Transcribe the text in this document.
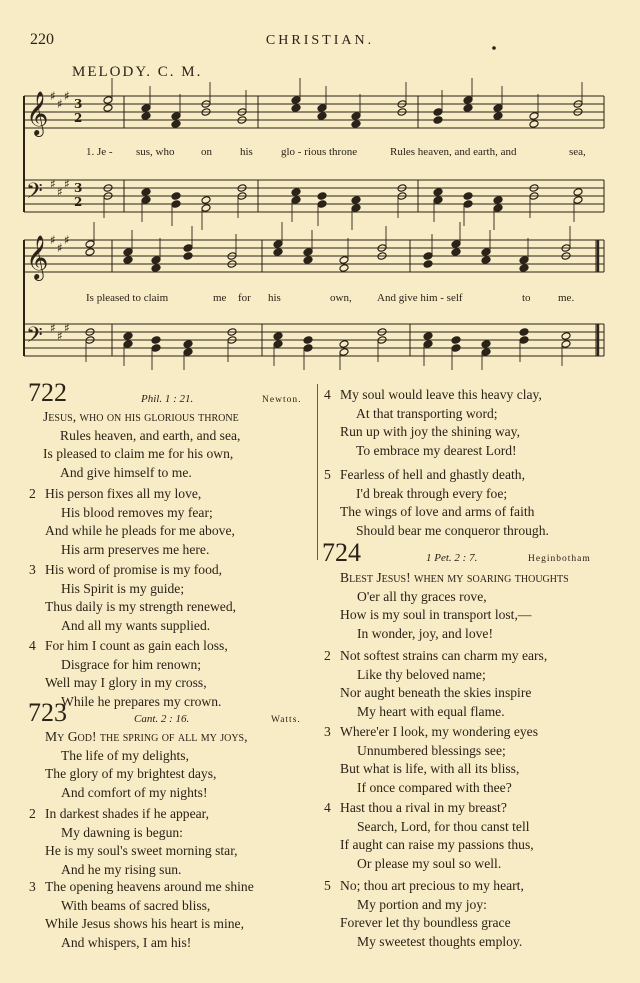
220	CHRISTIAN.
MELODY. C. M.
𝄞
𝄢
♯
♯
♯
♯
♯
♯
3
2
3
2
𝄞
𝄢
♯
♯
♯
♯
♯
♯
1. Je - sus, who on	his	glo - rious throne	Rules heaven, and earth, and	sea,
Is pleased to claim	me for his	own, And give him - self	to me.
722	Phil. 1 : 21.	Newton.
Jesus, who on his glorious throne
Rules heaven, and earth, and sea,
Is pleased to claim me for his own,
And give himself to me.
2 His person fixes all my love,
His blood removes my fear;
And while he pleads for me above,
His arm preserves me here.
3 His word of promise is my food,
His Spirit is my guide;
Thus daily is my strength renewed,
And all my wants supplied.
4 For him I count as gain each loss,
Disgrace for him renown;
Well may I glory in my cross,
While he prepares my crown.
723	Cant. 2 : 16.	Watts.
My God! the spring of all my joys,
The life of my delights,
The glory of my brightest days,
And comfort of my nights!
2 In darkest shades if he appear,
My dawning is begun:
He is my soul's sweet morning star,
And he my rising sun.
3 The opening heavens around me shine
With beams of sacred bliss,
While Jesus shows his heart is mine,
And whispers, I am his!
4 My soul would leave this heavy clay,
At that transporting word;
Run up with joy the shining way,
To embrace my dearest Lord!
5 Fearless of hell and ghastly death,
I'd break through every foe;
The wings of love and arms of faith
Should bear me conqueror through.
724	1 Pet. 2 : 7.	Heginbotham
Blest Jesus! when my soaring thoughts
O'er all thy graces rove,
How is my soul in transport lost,—
In wonder, joy, and love!
2 Not softest strains can charm my ears,
Like thy beloved name;
Nor aught beneath the skies inspire
My heart with equal flame.
3 Where'er I look, my wondering eyes
Unnumbered blessings see;
But what is life, with all its bliss,
If once compared with thee?
4 Hast thou a rival in my breast?
Search, Lord, for thou canst tell
If aught can raise my passions thus,
Or please my soul so well.
5 No; thou art precious to my heart,
My portion and my joy:
Forever let thy boundless grace
My sweetest thoughts employ.
